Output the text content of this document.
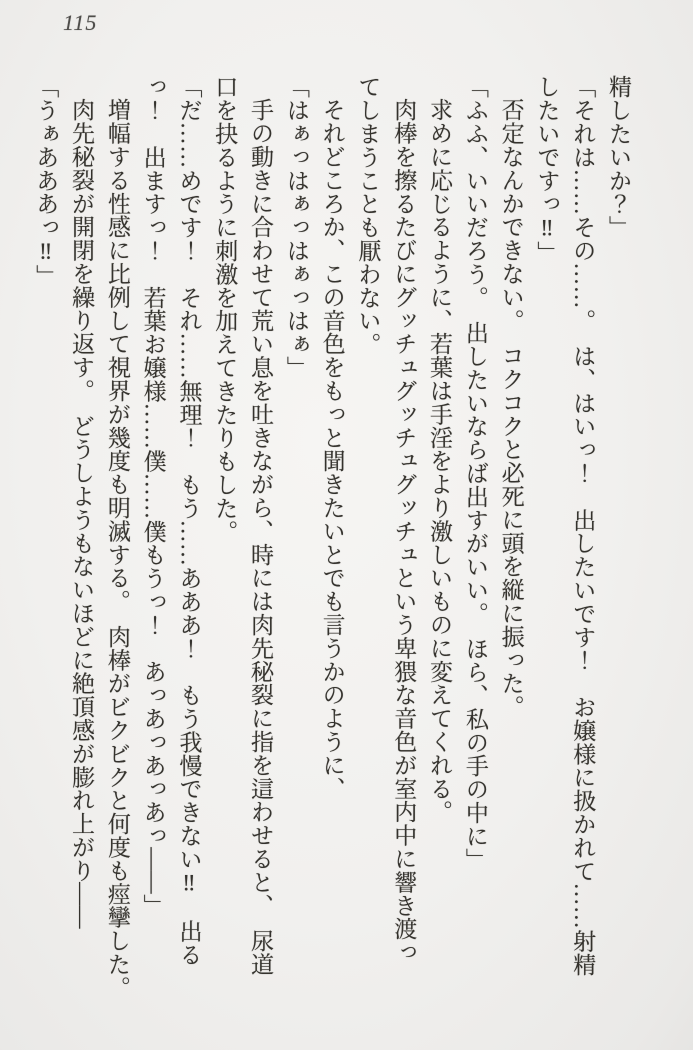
115

精したいか？」

「それは……その……。　は、はいっ！　出したいです！　お嬢様に扱かれて……射精

したいですっ‼」

否定なんかできない。　コクコクと必死に頭を縦に振った。

「ふふ、いいだろう。　出したいならば出すがいい。　ほら、私の手の中に」

求めに応じるように、若葉は手淫をより激しいものに変えてくれる。

肉棒を擦るたびにグッチュグッチュグッチュという卑猥な音色が室内中に響き渡っ

てしまうことも厭わない。

それどころか、この音色をもっと聞きたいとでも言うかのように、

「はぁっはぁっはぁっはぁ」

手の動きに合わせて荒い息を吐きながら、時には肉先秘裂に指を這わせると、　尿道

口を抉るように刺激を加えてきたりもした。

「だ……めです！　それ……無理！　もう……あああ！　もう我慢できない‼　出る

っ！　出ますっ！　若葉お嬢様……僕……僕もうっ！　あっあっあっあっ——」

増幅する性感に比例して視界が幾度も明滅する。　肉棒がビクビクと何度も痙攣した。

肉先秘裂が開閉を繰り返す。　どうしようもないほどに絶頂感が膨れ上がり——

「うぁあああっ‼」
